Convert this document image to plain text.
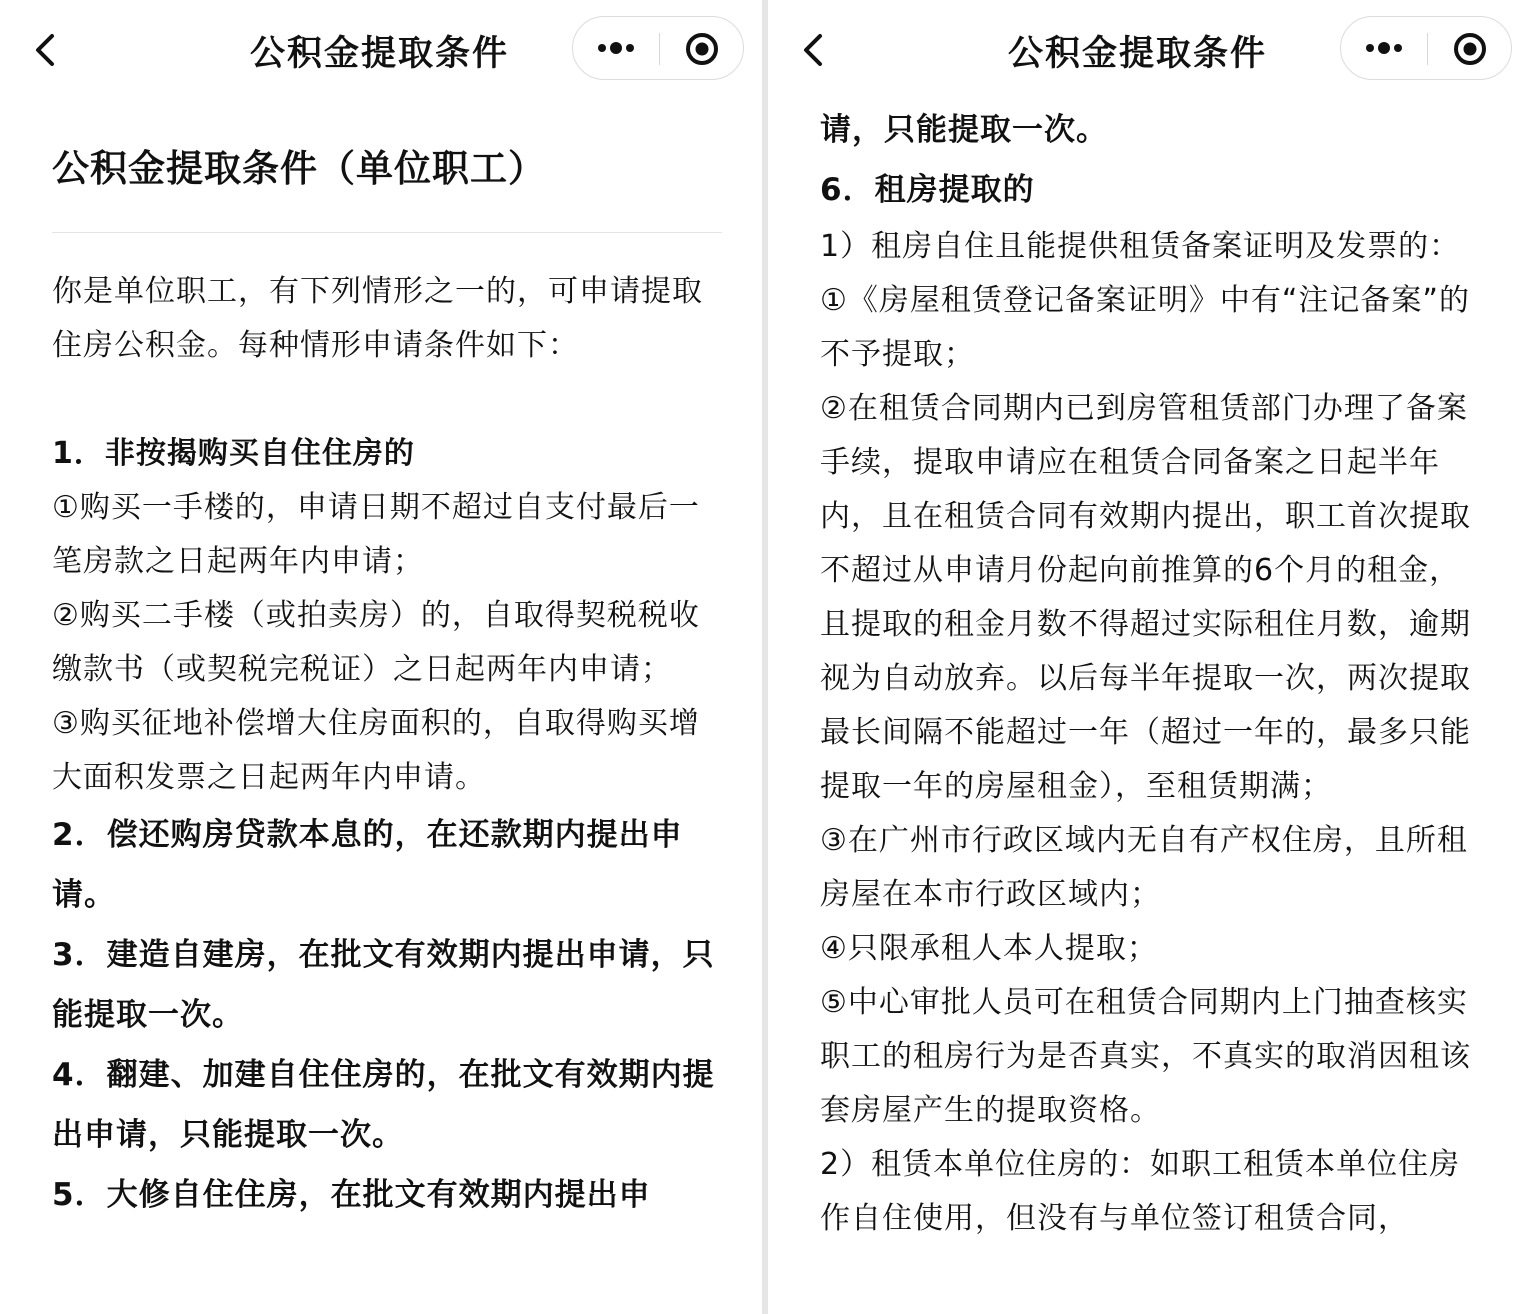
公积金提取条件
公积金提取条件（单位职工）

你是单位职工，有下列情形之一的，可申请提取住房公积金。每种情形申请条件如下：

1．非按揭购买自住住房的

①购买一手楼的，申请日期不超过自支付最后一笔房款之日起两年内申请；

②购买二手楼（或拍卖房）的，自取得契税税收缴款书（或契税完税证）之日起两年内申请；

③购买征地补偿增大住房面积的，自取得购买增大面积发票之日起两年内申请。

2．偿还购房贷款本息的，在还款期内提出申请。

3．建造自建房，在批文有效期内提出申请，只能提取一次。

4．翻建、加建自住住房的，在批文有效期内提出申请，只能提取一次。

5．大修自住住房，在批文有效期内提出申

公积金提取条件

请，只能提取一次。

6．租房提取的

1）租房自住且能提供租赁备案证明及发票的：

①《房屋租赁登记备案证明》中有“注记备案”的不予提取；

②在租赁合同期内已到房管租赁部门办理了备案手续，提取申请应在租赁合同备案之日起半年内，且在租赁合同有效期内提出，职工首次提取不超过从申请月份起向前推算的6个月的租金，且提取的租金月数不得超过实际租住月数，逾期视为自动放弃。以后每半年提取一次，两次提取最长间隔不能超过一年（超过一年的，最多只能提取一年的房屋租金），至租赁期满；

③在广州市行政区域内无自有产权住房，且所租房屋在本市行政区域内；

④只限承租人本人提取；

⑤中心审批人员可在租赁合同期内上门抽查核实职工的租房行为是否真实，不真实的取消因租该套房屋产生的提取资格。

2）租赁本单位住房的：如职工租赁本单位住房作自住使用，但没有与单位签订租赁合同，
